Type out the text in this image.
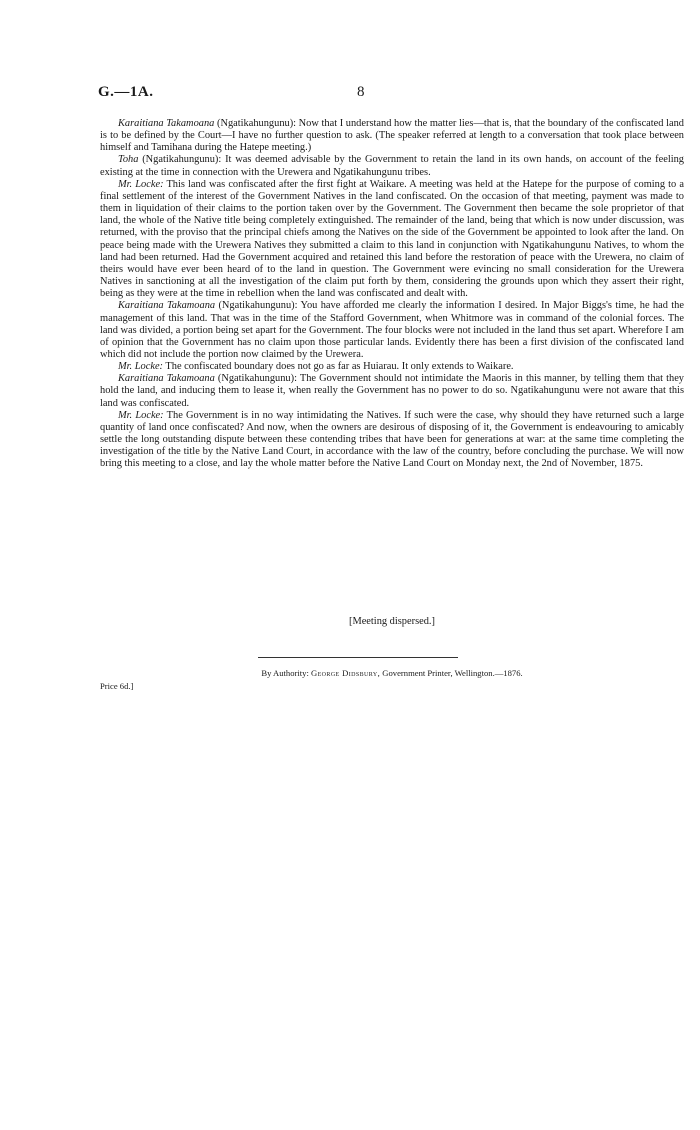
G.—1A.	8

Karaitiana Takamoana (Ngatikahungunu): Now that I understand how the matter lies—that is, that the boundary of the confiscated land is to be defined by the Court—I have no further question to ask. (The speaker referred at length to a conversation that took place between himself and Tamihana during the Hatepe meeting.)

Toha (Ngatikahungunu): It was deemed advisable by the Government to retain the land in its own hands, on account of the feeling existing at the time in connection with the Urewera and Ngatikahungunu tribes.

Mr. Locke: This land was confiscated after the first fight at Waikare. A meeting was held at the Hatepe for the purpose of coming to a final settlement of the interest of the Government Natives in the land confiscated. On the occasion of that meeting, payment was made to them in liquidation of their claims to the portion taken over by the Government. The Government then became the sole proprietor of that land, the whole of the Native title being completely extinguished. The remainder of the land, being that which is now under discussion, was returned, with the proviso that the principal chiefs among the Natives on the side of the Government be appointed to look after the land. On peace being made with the Urewera Natives they submitted a claim to this land in conjunction with Ngatikahungunu Natives, to whom the land had been returned. Had the Government acquired and retained this land before the restoration of peace with the Urewera, no claim of theirs would have ever been heard of to the land in question. The Government were evincing no small consideration for the Urewera Natives in sanctioning at all the investigation of the claim put forth by them, considering the grounds upon which they assert their right, being as they were at the time in rebellion when the land was confiscated and dealt with.

Karaitiana Takamoana (Ngatikahungunu): You have afforded me clearly the information I desired. In Major Biggs's time, he had the management of this land. That was in the time of the Stafford Government, when Whitmore was in command of the colonial forces. The land was divided, a portion being set apart for the Government. The four blocks were not included in the land thus set apart. Wherefore I am of opinion that the Government has no claim upon those particular lands. Evidently there has been a first division of the confiscated land which did not include the portion now claimed by the Urewera.

Mr. Locke: The confiscated boundary does not go as far as Huiarau. It only extends to Waikare.

Karaitiana Takamoana (Ngatikahungunu): The Government should not intimidate the Maoris in this manner, by telling them that they hold the land, and inducing them to lease it, when really the Government has no power to do so. Ngatikahungunu were not aware that this land was confiscated.

Mr. Locke: The Government is in no way intimidating the Natives. If such were the case, why should they have returned such a large quantity of land once confiscated? And now, when the owners are desirous of disposing of it, the Government is endeavouring to amicably settle the long outstanding dispute between these contending tribes that have been for generations at war: at the same time completing the investigation of the title by the Native Land Court, in accordance with the law of the country, before concluding the purchase. We will now bring this meeting to a close, and lay the whole matter before the Native Land Court on Monday next, the 2nd of November, 1875.

[Meeting dispersed.]
By Authority: George Didsbury, Government Printer, Wellington.—1876.
Price 6d.]
